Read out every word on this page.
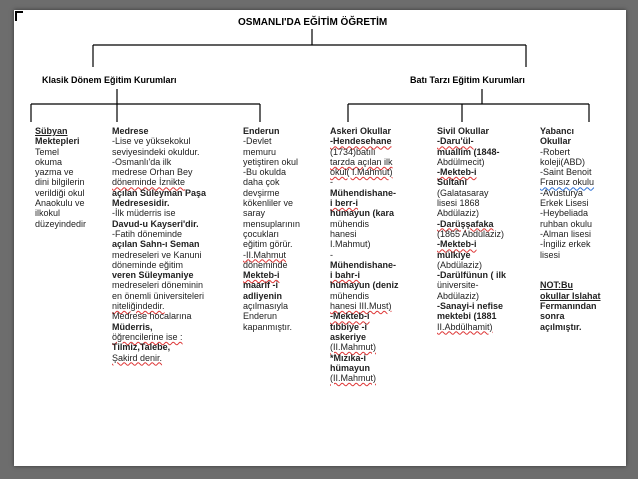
OSMANLI'DA EĞİTİM ÖĞRETİM
Klasik Dönem Eğitim Kurumları	Batı Tarzı Eğitim Kurumları

Sübyan

Mektepleri

Temel

okuma

yazma ve

dini bilgilerin

verildiği okul

Anaokulu ve

ilkokul

düzeyindedir

Medrese

-Lise ve yüksekokul

seviyesindeki okuldur.

-Osmanlı'da ilk

medrese Orhan Bey

döneminde İznikte

açılan Süleyman Paşa

Medresesidir.

-İlk müderris ise

Davud-u Kayseri'dir.

-Fatih döneminde

açılan Sahn-ı Seman

medreseleri ve Kanuni

döneminde eğitim

veren Süleymaniye

medreseleri döneminin

en önemli üniversiteleri

niteliğindedir.

Medrese hocalarına

Müderris,

öğrencilerine ise :

Tilmiz,Talebe,

Şakird denir.

Enderun

-Devlet

memuru

yetiştiren okul

-Bu okulda

daha çok

devşirme

kökenliler ve

saray

mensuplarının

çocukları

eğitim görür.

-II.Mahmut

döneminde

Mekteb-i

maarif -i

adliyenin

açılmasıyla

Enderun

kapanmıştır.

Askeri Okullar

-Hendesehane

(1734)batılı

tarzda açılan ilk

okul( I.Mahmut)

-

Mühendishane-

i berr-i

hümayun (kara

mühendis

hanesi

I.Mahmut)

-

Mühendishane-

i bahr-i

hümayun (deniz

mühendis

hanesi III.Must)

-Mekteb-i

tıbbiye -i

askeriye

(II.Mahmut)

*Mızıka-i

hümayun

(II.Mahmut)

Sivil Okullar

-Daru'ül-

muallim (1848-

Abdülmecit)

-Mekteb-i

Sultani

(Galatasaray

lisesi 1868

Abdülaziz)

-Darüşşafaka

(1865 Abdülaziz)

-Mekteb-i

mülkiye

(Abdülaziz)

-Darülfünun ( ilk

üniversite-

Abdülaziz)

-Sanayi-i nefise

mektebi (1881

II.Abdülhamit)

Yabancı

Okullar

-Robert

koleji(ABD)

-Saint Benoit

Fransız okulu

-Avusturya

Erkek Lisesi

-Heybeliada

ruhban okulu

-Alman lisesi

-İngiliz erkek

lisesi

NOT:Bu

okullar Islahat

Fermanından

sonra

açılmıştır.
